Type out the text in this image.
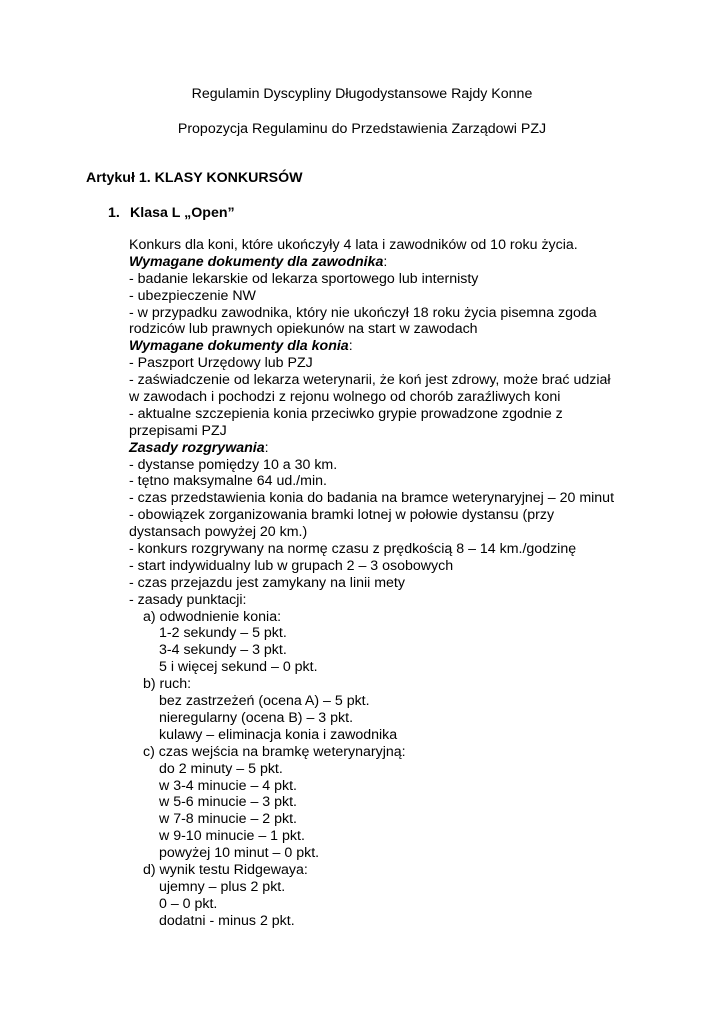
Regulamin Dyscypliny Długodystansowe Rajdy Konne
Propozycja Regulaminu do Przedstawienia Zarządowi PZJ
Artykuł 1. KLASY KONKURSÓW
1. Klasa L „Open”
Konkurs dla koni, które ukończyły 4 lata i zawodników od 10 roku życia.
Wymagane dokumenty dla zawodnika:
- badanie lekarskie od lekarza sportowego lub internisty
- ubezpieczenie NW
- w przypadku zawodnika, który nie ukończył 18 roku życia pisemna zgoda
rodziców lub prawnych opiekunów na start w zawodach
Wymagane dokumenty dla konia:
- Paszport Urzędowy lub PZJ
- zaświadczenie od lekarza weterynarii, że koń jest zdrowy, może brać udział
w zawodach i pochodzi z rejonu wolnego od chorób zaraźliwych koni
- aktualne szczepienia konia przeciwko grypie prowadzone zgodnie z
przepisami PZJ
Zasady rozgrywania:
- dystanse pomiędzy 10 a 30 km.
- tętno maksymalne 64 ud./min.
- czas przedstawienia konia do badania na bramce weterynaryjnej – 20 minut
- obowiązek zorganizowania bramki lotnej w połowie dystansu (przy
dystansach powyżej 20 km.)
- konkurs rozgrywany na normę czasu z prędkością 8 – 14 km./godzinę
- start indywidualny lub w grupach 2 – 3 osobowych
- czas przejazdu jest zamykany na linii mety
- zasady punktacji:
a) odwodnienie konia:
1-2 sekundy – 5 pkt.
3-4 sekundy – 3 pkt.
5 i więcej sekund – 0 pkt.
b) ruch:
bez zastrzeżeń (ocena A) – 5 pkt.
nieregularny (ocena B) – 3 pkt.
kulawy – eliminacja konia i zawodnika
c) czas wejścia na bramkę weterynaryjną:
do 2 minuty – 5 pkt.
w 3-4 minucie – 4 pkt.
w 5-6 minucie – 3 pkt.
w 7-8 minucie – 2 pkt.
w 9-10 minucie – 1 pkt.
powyżej 10 minut – 0 pkt.
d) wynik testu Ridgewaya:
ujemny – plus 2 pkt.
0 – 0 pkt.
dodatni - minus 2 pkt.
